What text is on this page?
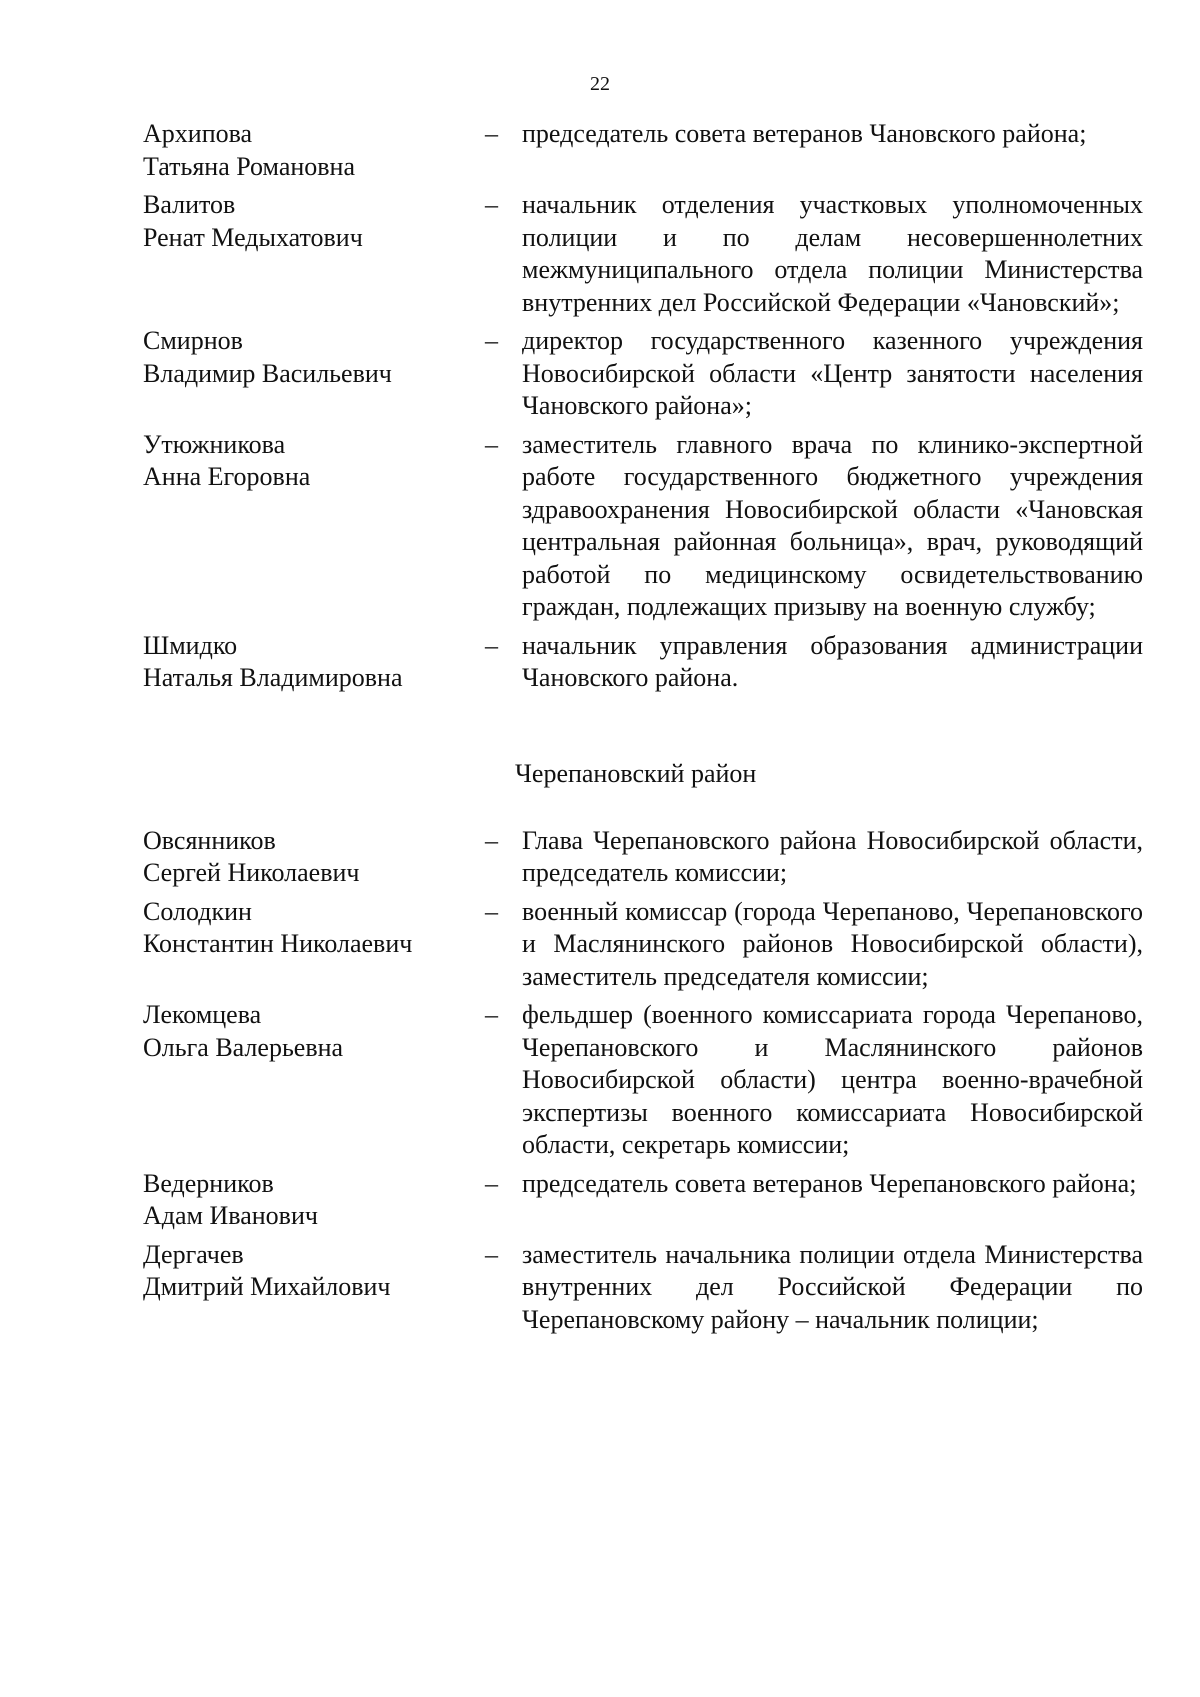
22
Архипова
Татьяна Романовна
– председатель совета ветеранов Чановского района;
Валитов
Ренат Медыхатович
– начальник отделения участковых уполномоченных полиции и по делам несовершеннолетних межмуниципального отдела полиции Министерства внутренних дел Российской Федерации «Чановский»;
Смирнов
Владимир Васильевич
– директор государственного казенного учреждения Новосибирской области «Центр занятости населения Чановского района»;
Утюжникова
Анна Егоровна
– заместитель главного врача по клинико-экспертной работе государственного бюджетного учреждения здравоохранения Новосибирской области «Чановская центральная районная больница», врач, руководящий работой по медицинскому освидетельствованию граждан, подлежащих призыву на военную службу;
Шмидко
Наталья Владимировна
– начальник управления образования администрации Чановского района.
Черепановский район
Овсянников
Сергей Николаевич
– Глава Черепановского района Новосибирской области, председатель комиссии;
Солодкин
Константин Николаевич
– военный комиссар (города Черепаново, Черепановского и Маслянинского районов Новосибирской области), заместитель председателя комиссии;
Лекомцева
Ольга Валерьевна
– фельдшер (военного комиссариата города Черепаново, Черепановского и Маслянинского районов Новосибирской области) центра военно-врачебной экспертизы военного комиссариата Новосибирской области, секретарь комиссии;
Ведерников
Адам Иванович
– председатель совета ветеранов Черепановского района;
Дергачев
Дмитрий Михайлович
– заместитель начальника полиции отдела Министерства внутренних дел Российской Федерации по Черепановскому району – начальник полиции;
